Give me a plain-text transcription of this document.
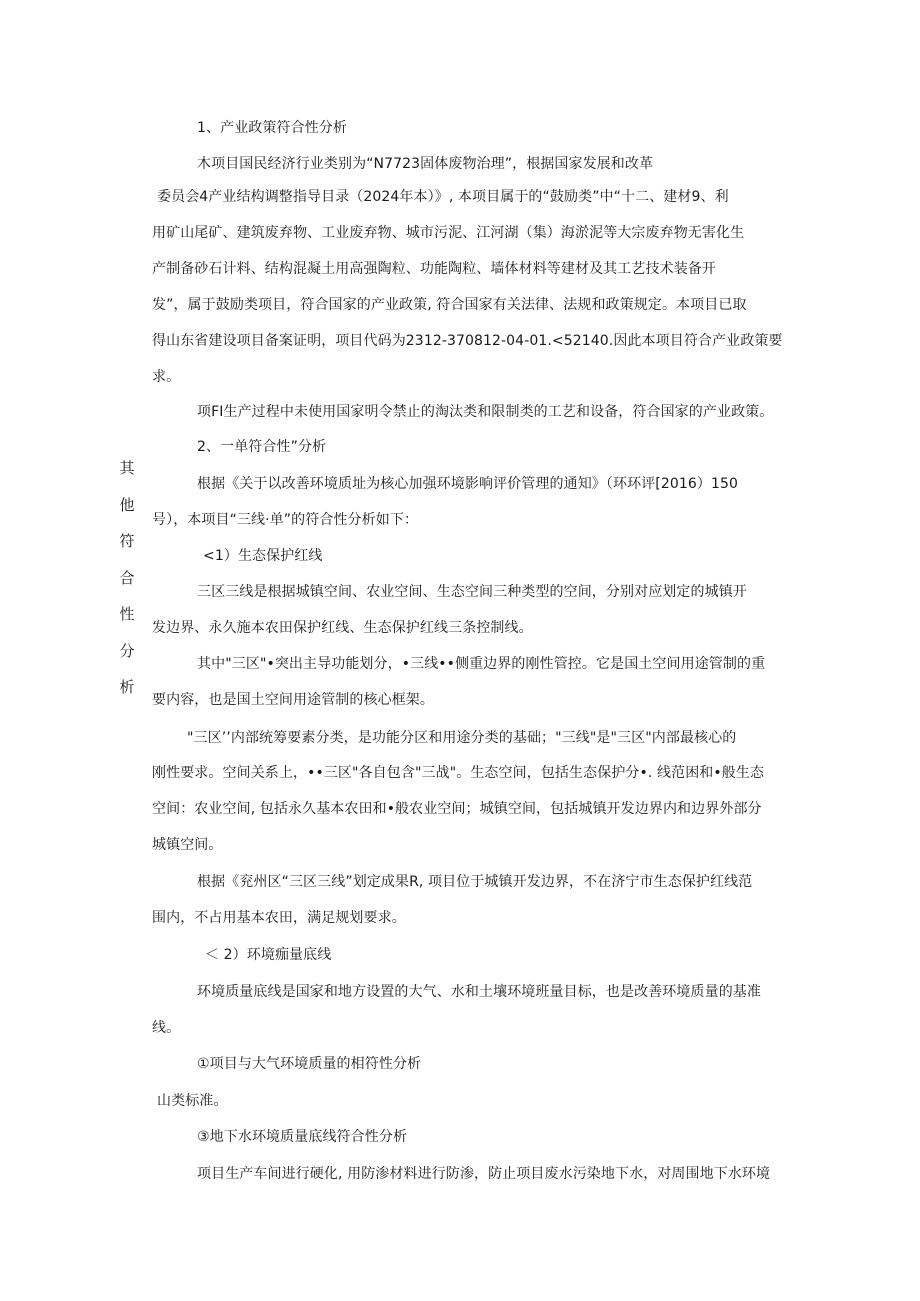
其
他
符
合
性
分
析
1、产业政策符合性分析
木项目国民经济行业类别为“N7723固体废物治理”，根据国家发展和改革
委员会4产业结构调整指导目录（2024年本）》, 本项目属于的“鼓励类”中“十二、建材9、利
用矿山尾矿、建筑废弃物、工业废弃物、城市污泥、江河湖（集）海淤泥等大宗废弃物无害化生
产制备砂石计料、结构混凝土用高强陶粒、功能陶粒、墙体材料等建材及其工艺技术装备开
发”，属于鼓励类项目，符合国家的产业政策, 符合国家有关法律、法规和政策规定。本项目已取
得山东省建设项目备案证明，项目代码为2312-370812-04-01.<52140.因此本项目符合产业政策要
求。
项FI生产过程中未使用国家明令禁止的淘汰类和限制类的工艺和设备，符合国家的产业政策。
2、一单符合性”分析
根据《关于以改善环境质址为核心加强环境影响评价管理的通知》（环环评[2016）150
号），本项目“三线·单”的符合性分析如下：
<1）生态保护红线
三区三线是根据城镇空间、农业空间、生态空间三种类型的空间，分别对应划定的城镇开
发边界、永久施本农田保护红线、生态保护红线三条控制线。
其中"三区"•突出主导功能划分，•三线••侧重边界的刚性管控。它是国土空间用途管制的重
要内容，也是国土空间用途管制的核心框架。
"三区’’内部统筹要素分类，是功能分区和用途分类的基础；"三线"是"三区"内部最核心的
刚性要求。空间关系上，••三区"各自包含"三战"。生态空间，包括生态保护分•. 线范困和•般生态
空间：农业空间, 包括永久基本农田和•般农业空间；城镇空间，包括城镇开发边界内和边界外部分
城镇空间。
根据《兖州区“三区三线”划定成果R, 项目位于城镇开发边界，不在济宁市生态保护红线范
围内，不占用基本农田，满足规划要求。
＜ 2）环境痂量底线
环境质量底线是国家和地方设置的大气、水和土壤环境班量目标，也是改善环境质量的基准
线。
①项目与大气环境质量的相符性分析
山类标准。
③地下水环境质量底线符合性分析
项目生产车间进行硬化, 用防渗材料进行防渗，防止项目废水污染地下水，对周围地下水环境
